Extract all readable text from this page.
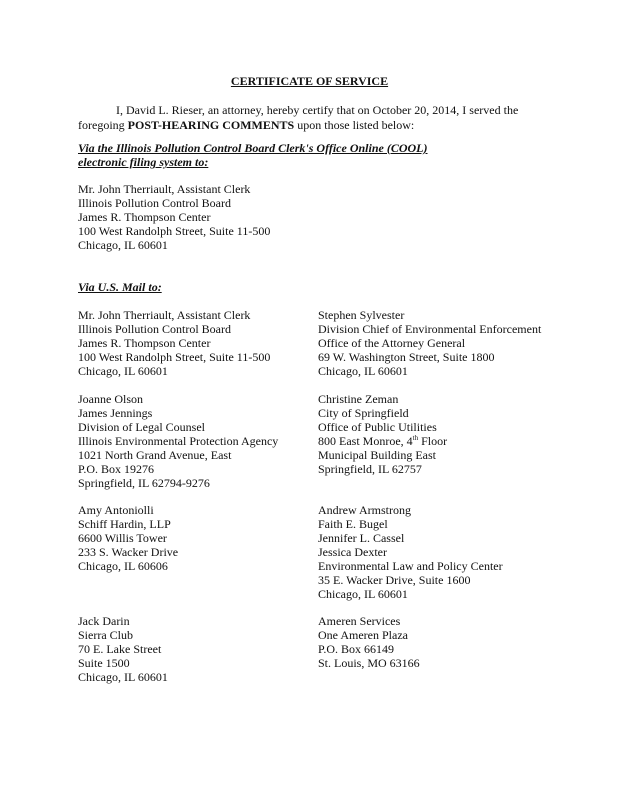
CERTIFICATE OF SERVICE
I, David L. Rieser, an attorney, hereby certify that on October 20, 2014, I served the foregoing POST-HEARING COMMENTS upon those listed below:
Via the Illinois Pollution Control Board Clerk's Office Online (COOL)
electronic filing system to:
Mr. John Therriault, Assistant Clerk
Illinois Pollution Control Board
James R. Thompson Center
100 West Randolph Street, Suite 11-500
Chicago, IL 60601
Via U.S. Mail to:
Mr. John Therriault, Assistant Clerk
Illinois Pollution Control Board
James R. Thompson Center
100 West Randolph Street, Suite 11-500
Chicago, IL 60601
Stephen Sylvester
Division Chief of Environmental Enforcement
Office of the Attorney General
69 W. Washington Street, Suite 1800
Chicago, IL 60601
Joanne Olson
James Jennings
Division of Legal Counsel
Illinois Environmental Protection Agency
1021 North Grand Avenue, East
P.O. Box 19276
Springfield, IL 62794-9276
Christine Zeman
City of Springfield
Office of Public Utilities
800 East Monroe, 4th Floor
Municipal Building East
Springfield, IL 62757
Amy Antoniolli
Schiff Hardin, LLP
6600 Willis Tower
233 S. Wacker Drive
Chicago, IL 60606
Andrew Armstrong
Faith E. Bugel
Jennifer L. Cassel
Jessica Dexter
Environmental Law and Policy Center
35 E. Wacker Drive, Suite 1600
Chicago, IL 60601
Jack Darin
Sierra Club
70 E. Lake Street
Suite 1500
Chicago, IL 60601
Ameren Services
One Ameren Plaza
P.O. Box 66149
St. Louis, MO 63166
